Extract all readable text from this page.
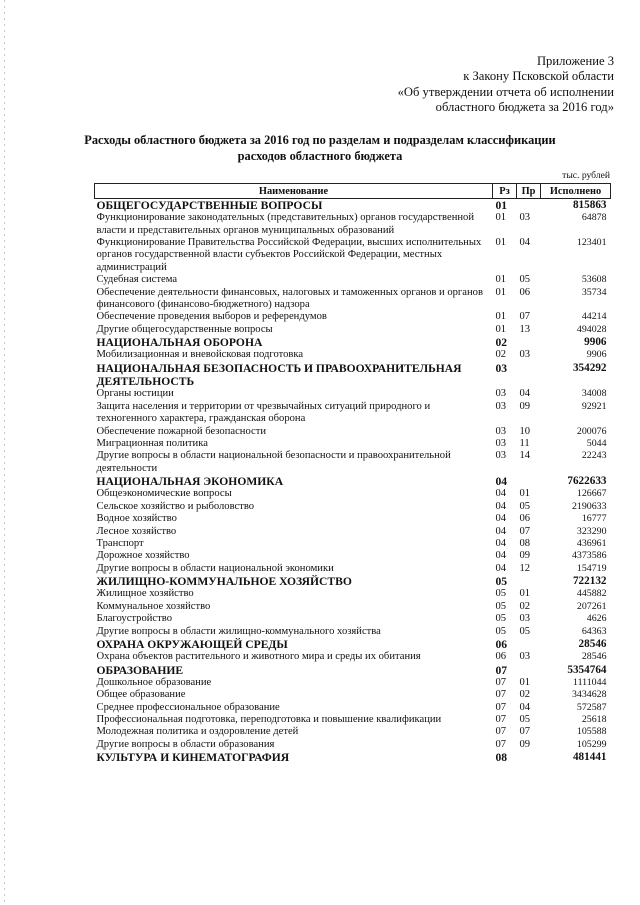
Приложение 3
к Закону Псковской области
«Об утверждении отчета об исполнении
областного бюджета за 2016 год»
Расходы областного бюджета за 2016 год по разделам и подразделам классификации
расходов областного бюджета
тыс. рублей
Наименование	Рз	Пр	Исполнено
ОБЩЕГОСУДАРСТВЕННЫЕ ВОПРОСЫ	01		815863
Функционирование законодательных (представительных) органов государственной власти и представительных органов муниципальных образований	01	03	64878
Функционирование Правительства Российской Федерации, высших исполнительных органов государственной власти субъектов Российской Федерации, местных администраций	01	04	123401
Судебная система	01	05	53608
Обеспечение деятельности финансовых, налоговых и таможенных органов и органов финансового (финансово-бюджетного) надзора	01	06	35734
Обеспечение проведения выборов и референдумов	01	07	44214
Другие общегосударственные вопросы	01	13	494028
НАЦИОНАЛЬНАЯ ОБОРОНА	02		9906
Мобилизационная и вневойсковая подготовка	02	03	9906
НАЦИОНАЛЬНАЯ БЕЗОПАСНОСТЬ И ПРАВООХРАНИТЕЛЬНАЯ ДЕЯТЕЛЬНОСТЬ	03		354292
Органы юстиции	03	04	34008
Защита населения и территории от чрезвычайных ситуаций природного и техногенного характера, гражданская оборона	03	09	92921
Обеспечение пожарной безопасности	03	10	200076
Миграционная политика	03	11	5044
Другие вопросы в области национальной безопасности и правоохранительной деятельности	03	14	22243
НАЦИОНАЛЬНАЯ ЭКОНОМИКА	04		7622633
Общеэкономические вопросы	04	01	126667
Сельское хозяйство и рыболовство	04	05	2190633
Водное хозяйство	04	06	16777
Лесное хозяйство	04	07	323290
Транспорт	04	08	436961
Дорожное хозяйство	04	09	4373586
Другие вопросы в области национальной экономики	04	12	154719
ЖИЛИЩНО-КОММУНАЛЬНОЕ ХОЗЯЙСТВО	05		722132
Жилищное хозяйство	05	01	445882
Коммунальное хозяйство	05	02	207261
Благоустройство	05	03	4626
Другие вопросы в области жилищно-коммунального хозяйства	05	05	64363
ОХРАНА ОКРУЖАЮЩЕЙ СРЕДЫ	06		28546
Охрана объектов растительного и животного мира и среды их обитания	06	03	28546
ОБРАЗОВАНИЕ	07		5354764
Дошкольное образование	07	01	1111044
Общее образование	07	02	3434628
Среднее профессиональное образование	07	04	572587
Профессиональная подготовка, переподготовка и повышение квалификации	07	05	25618
Молодежная политика и оздоровление детей	07	07	105588
Другие вопросы в области образования	07	09	105299
КУЛЬТУРА И КИНЕМАТОГРАФИЯ	08		481441
